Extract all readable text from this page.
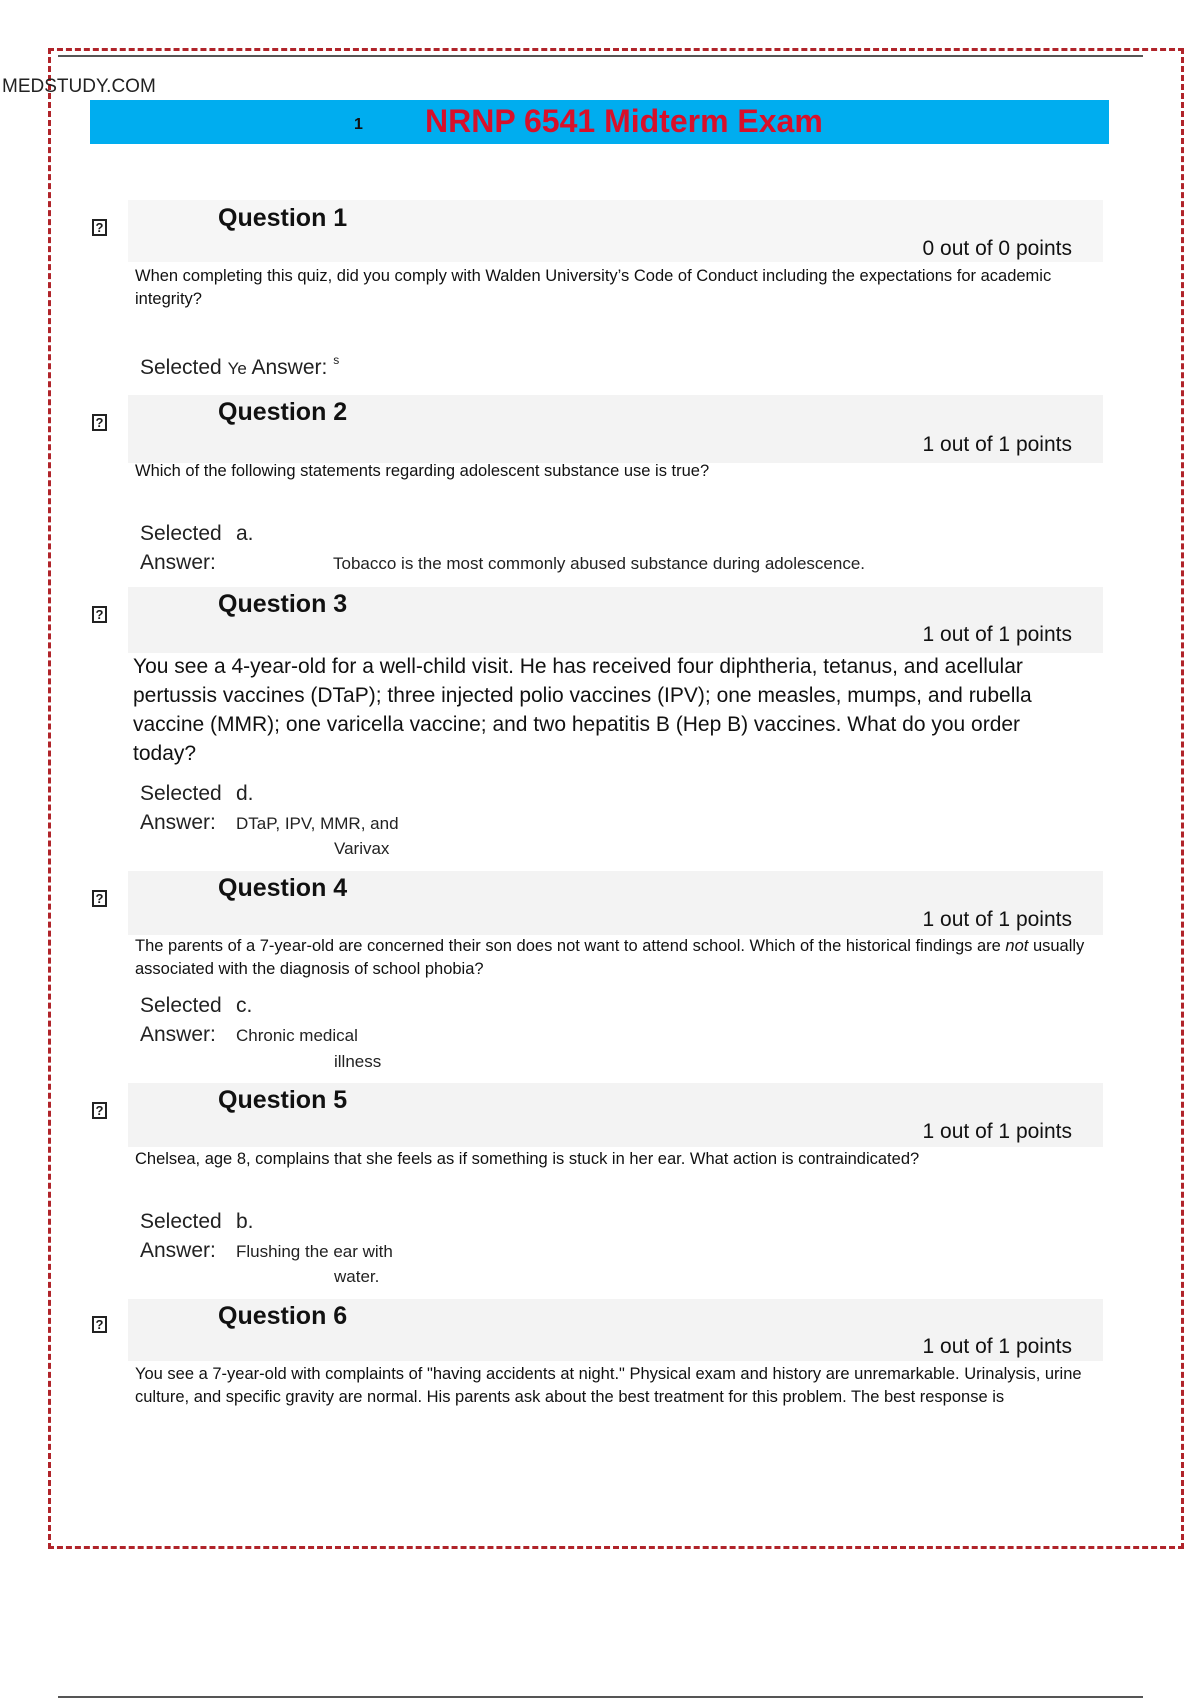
MEDSTUDY.COM
1 NRNP 6541 Midterm Exam
?	Question 1
0 out of 0 points
When completing this quiz, did you comply with Walden University’s Code of Conduct including the expectations for academic integrity?
Selected Ye Answer: $^s$
?	Question 2
1 out of 1 points
Which of the following statements regarding adolescent substance use is true?
Selected a.
Answer:	Tobacco is the most commonly abused substance during adolescence.
?	Question 3
1 out of 1 points
You see a 4-year-old for a well-child visit. He has received four diphtheria, tetanus, and acellular pertussis vaccines (DTaP); three injected polio vaccines (IPV); one measles, mumps, and rubella vaccine (MMR); one varicella vaccine; and two hepatitis B (Hep B) vaccines. What do you order today?
Selected d.
Answer: DTaP, IPV, MMR, and
Varivax
?	Question 4
1 out of 1 points
The parents of a 7-year-old are concerned their son does not want to attend school. Which of the historical findings are not usually associated with the diagnosis of school phobia?
Selected c.
Answer: Chronic medical
illness
?	Question 5
1 out of 1 points
Chelsea, age 8, complains that she feels as if something is stuck in her ear. What action is contraindicated?
Selected b.
Answer: Flushing the ear with
water.
?	Question 6
1 out of 1 points
You see a 7-year-old with complaints of "having accidents at night." Physical exam and history are unremarkable. Urinalysis, urine culture, and specific gravity are normal. His parents ask about the best treatment for this problem. The best response is
